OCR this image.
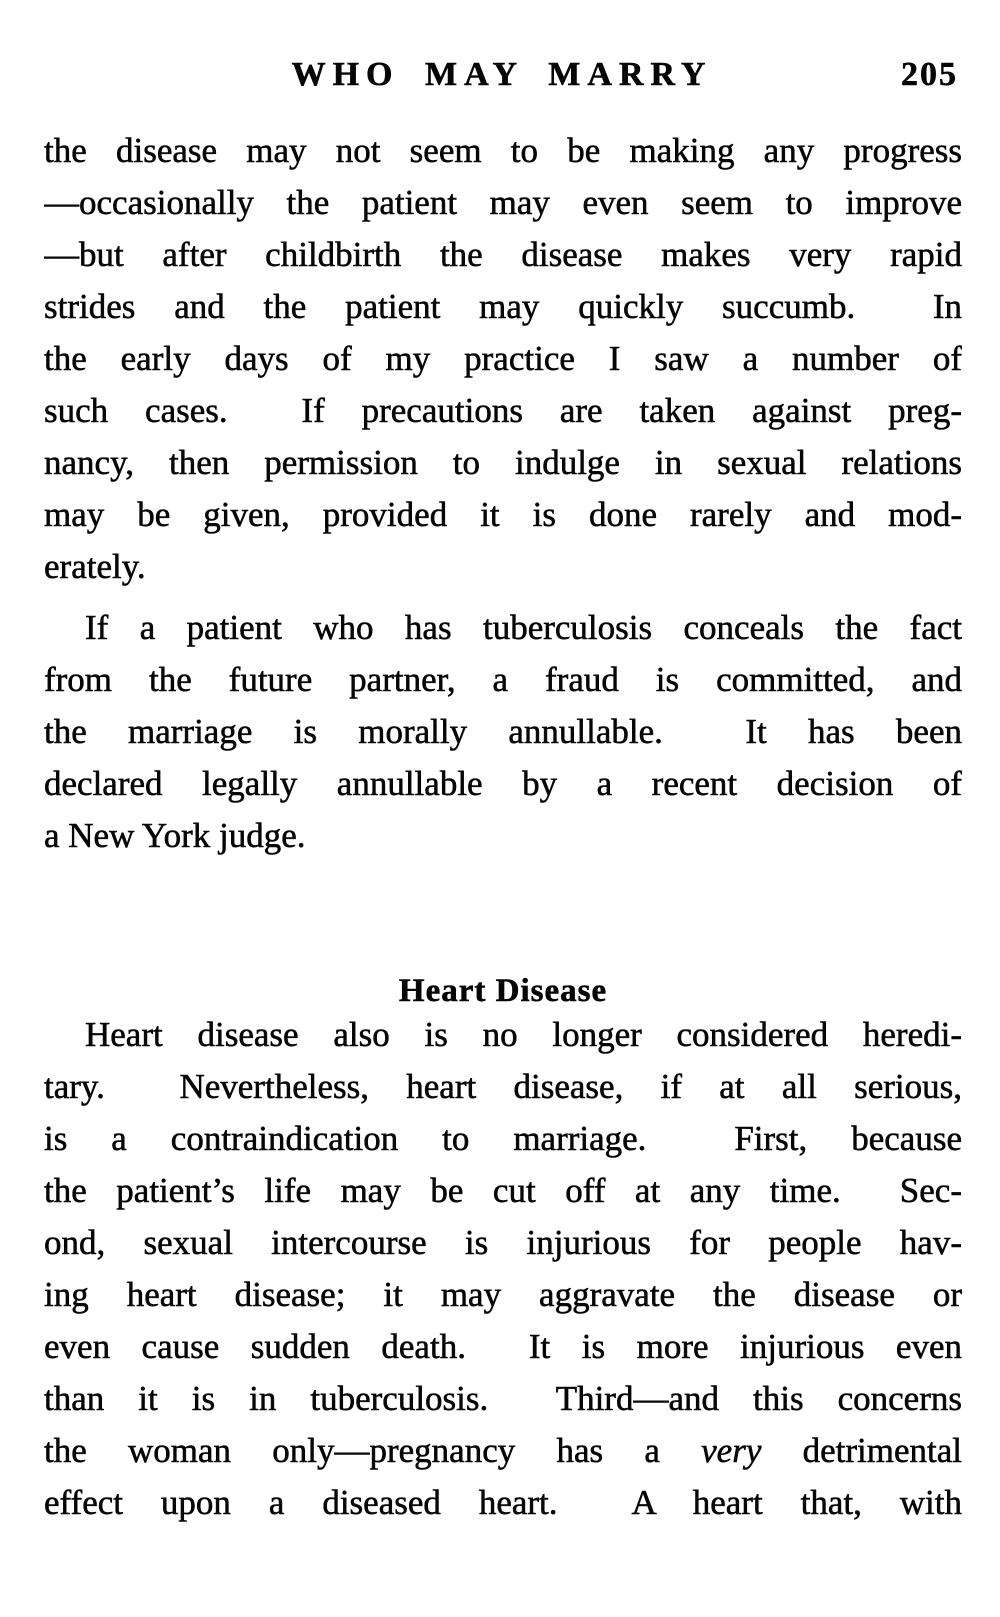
WHO MAY MARRY	205
the disease may not seem to be making any progress
—occasionally the patient may even seem to improve
—but after childbirth the disease makes very rapid
strides and the patient may quickly succumb.  In
the early days of my practice I saw a number of
such cases.  If precautions are taken against preg-
nancy, then permission to indulge in sexual relations
may be given, provided it is done rarely and mod-
erately.
If a patient who has tuberculosis conceals the fact
from the future partner, a fraud is committed, and
the marriage is morally annullable.  It has been
declared legally annullable by a recent decision of
a New York judge.
Heart Disease
Heart disease also is no longer considered heredi-
tary.  Nevertheless, heart disease, if at all serious,
is a contraindication to marriage.  First, because
the patient’s life may be cut off at any time.  Sec-
ond, sexual intercourse is injurious for people hav-
ing heart disease; it may aggravate the disease or
even cause sudden death.  It is more injurious even
than it is in tuberculosis.  Third—and this concerns
the woman only—pregnancy has a very detrimental
effect upon a diseased heart.  A heart that, with
